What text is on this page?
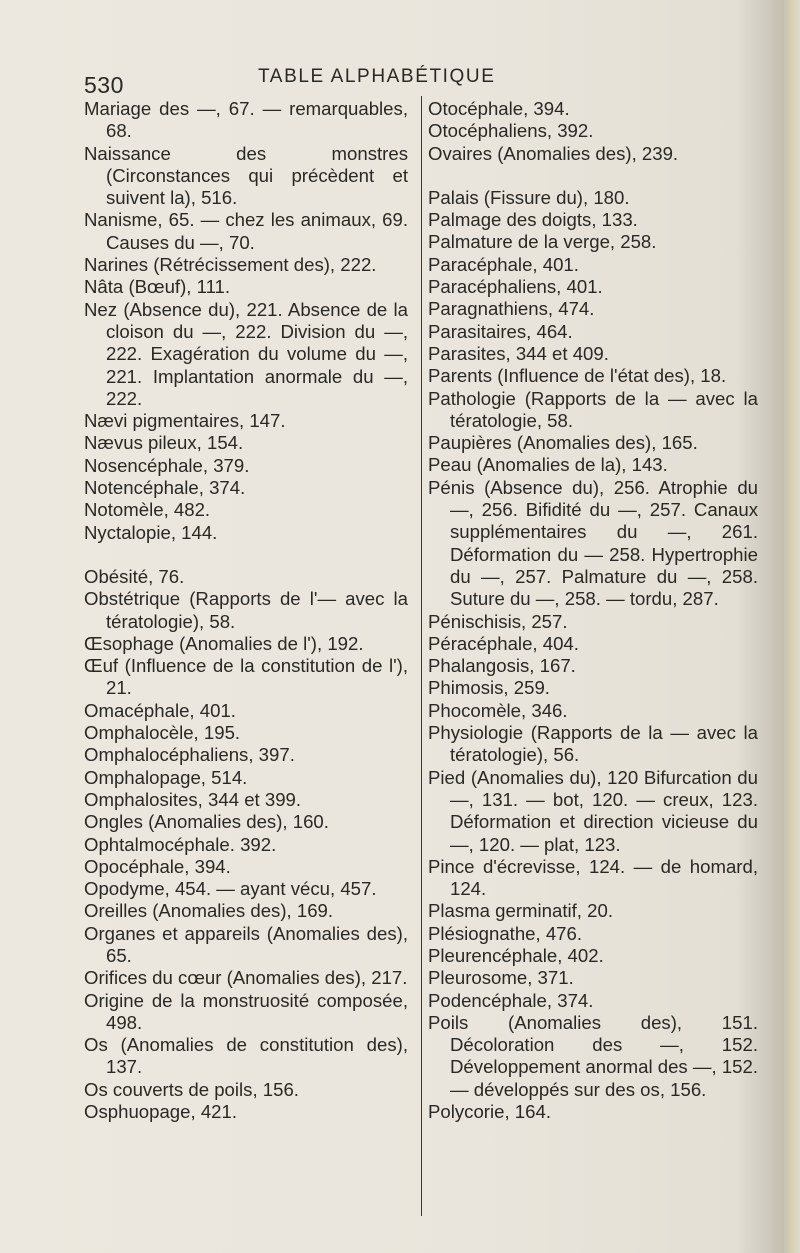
530	TABLE ALPHABÉTIQUE

Mariage des —, 67. — remarquables, 68.

Naissance des monstres (Circonstances qui précèdent et suivent la), 516.

Nanisme, 65. — chez les animaux, 69. Causes du —, 70.

Narines (Rétrécissement des), 222.

Nâta (Bœuf), 111.

Nez (Absence du), 221. Absence de la cloison du —, 222. Division du —, 222. Exagération du volume du —, 221. Implantation anormale du —, 222.

Nævi pigmentaires, 147.

Nævus pileux, 154.

Nosencéphale, 379.

Notencéphale, 374.

Notomèle, 482.

Nyctalopie, 144.

Obésité, 76.

Obstétrique (Rapports de l'— avec la tératologie), 58.

Œsophage (Anomalies de l'), 192.

Œuf (Influence de la constitution de l'), 21.

Omacéphale, 401.

Omphalocèle, 195.

Omphalocéphaliens, 397.

Omphalopage, 514.

Omphalosites, 344 et 399.

Ongles (Anomalies des), 160.

Ophtalmocéphale. 392.

Opocéphale, 394.

Opodyme, 454. — ayant vécu, 457.

Oreilles (Anomalies des), 169.

Organes et appareils (Anomalies des), 65.

Orifices du cœur (Anomalies des), 217.

Origine de la monstruosité composée, 498.

Os (Anomalies de constitution des), 137.

Os couverts de poils, 156.

Osphuopage, 421.

Otocéphale, 394.

Otocéphaliens, 392.

Ovaires (Anomalies des), 239.

Palais (Fissure du), 180.

Palmage des doigts, 133.

Palmature de la verge, 258.

Paracéphale, 401.

Paracéphaliens, 401.

Paragnathiens, 474.

Parasitaires, 464.

Parasites, 344 et 409.

Parents (Influence de l'état des), 18.

Pathologie (Rapports de la — avec la tératologie, 58.

Paupières (Anomalies des), 165.

Peau (Anomalies de la), 143.

Pénis (Absence du), 256. Atrophie du —, 256. Bifidité du —, 257. Canaux supplémentaires du —, 261. Déformation du — 258. Hypertrophie du —, 257. Palmature du —, 258. Suture du —, 258. — tordu, 287.

Pénischisis, 257.

Péracéphale, 404.

Phalangosis, 167.

Phimosis, 259.

Phocomèle, 346.

Physiologie (Rapports de la — avec la tératologie), 56.

Pied (Anomalies du), 120 Bifurcation du —, 131. — bot, 120. — creux, 123. Déformation et direction vicieuse du —, 120. — plat, 123.

Pince d'écrevisse, 124. — de homard, 124.

Plasma germinatif, 20.

Plésiognathe, 476.

Pleurencéphale, 402.

Pleurosome, 371.

Podencéphale, 374.

Poils (Anomalies des), 151. Décoloration des —, 152. Développement anormal des —, 152. — développés sur des os, 156.

Polycorie, 164.
